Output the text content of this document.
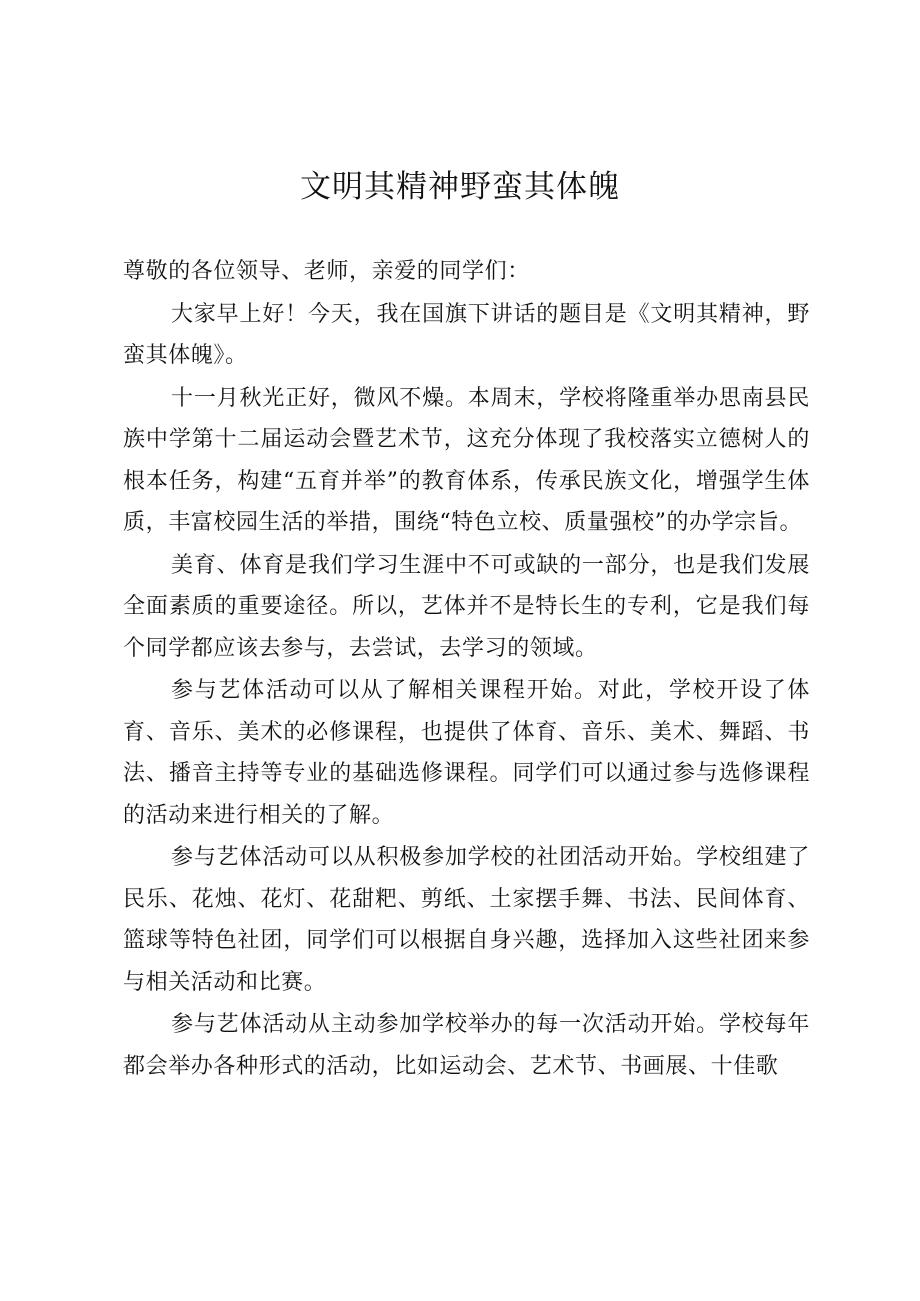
文明其精神野蛮其体魄

尊敬的各位领导、老师，亲爱的同学们：

大家早上好！今天，我在国旗下讲话的题目是《文明其精神，野蛮其体魄》。

十一月秋光正好，微风不燥。本周末，学校将隆重举办思南县民族中学第十二届运动会暨艺术节，这充分体现了我校落实立德树人的根本任务，构建“五育并举”的教育体系，传承民族文化，增强学生体质，丰富校园生活的举措，围绕“特色立校、质量强校”的办学宗旨。

美育、体育是我们学习生涯中不可或缺的一部分，也是我们发展全面素质的重要途径。所以，艺体并不是特长生的专利，它是我们每个同学都应该去参与，去尝试，去学习的领域。

参与艺体活动可以从了解相关课程开始。对此，学校开设了体育、音乐、美术的必修课程，也提供了体育、音乐、美术、舞蹈、书法、播音主持等专业的基础选修课程。同学们可以通过参与选修课程的活动来进行相关的了解。

参与艺体活动可以从积极参加学校的社团活动开始。学校组建了民乐、花烛、花灯、花甜粑、剪纸、土家摆手舞、书法、民间体育、篮球等特色社团，同学们可以根据自身兴趣，选择加入这些社团来参与相关活动和比赛。

参与艺体活动从主动参加学校举办的每一次活动开始。学校每年都会举办各种形式的活动，比如运动会、艺术节、书画展、十佳歌
